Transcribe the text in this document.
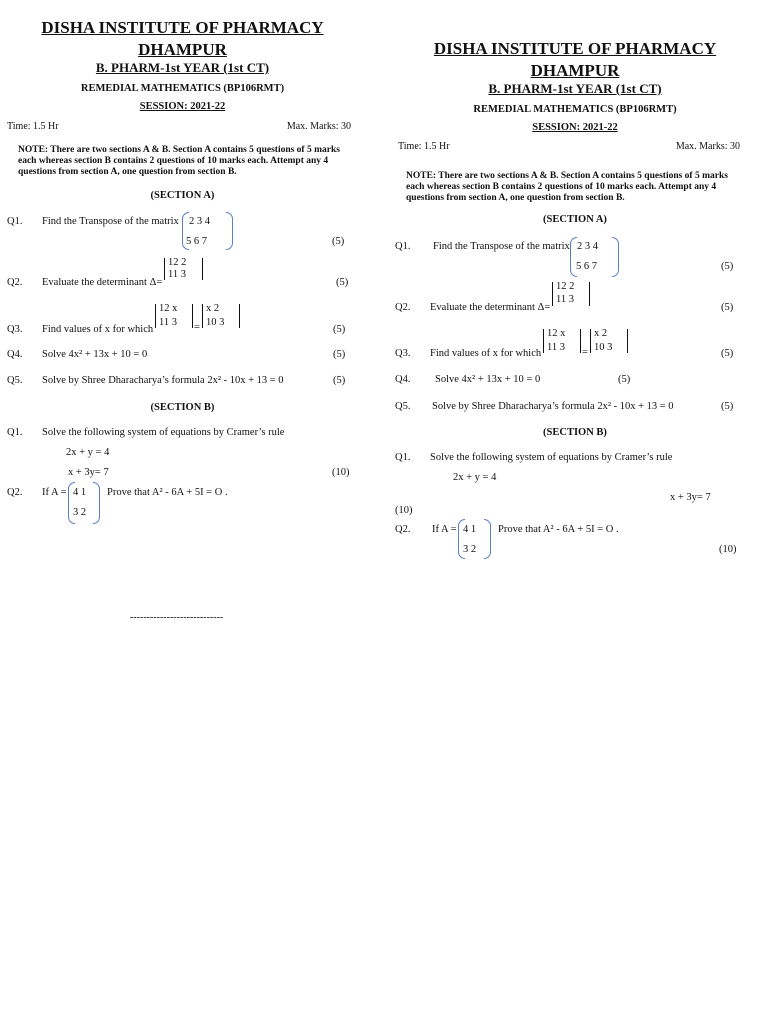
DISHA INSTITUTE OF PHARMACY
DHAMPUR
B. PHARM-1st YEAR (1st CT)
REMEDIAL MATHEMATICS (BP106RMT)
SESSION: 2021-22
Time: 1.5 Hr	Max. Marks: 30
NOTE: There are two sections A & B. Section A contains 5 questions of 5 marks each whereas section B contains 2 questions of 10 marks each. Attempt any 4 questions from section A, one question from section B.
(SECTION A)
Q1. Find the Transpose of the matrix 2 3 4
5 6 7	(5)
12 2
11 3
Q2. Evaluate the determinant Δ=	(5)
12 x
11 3 =
x 2
10 3
Q3. Find values of x for which	(5)
Q4. Solve 4x² + 13x + 10 = 0	(5)
Q5. Solve by Shree Dharacharya’s formula 2x² - 10x + 13 = 0	(5)
(SECTION B)
Q1. Solve the following system of equations by Cramer’s rule
2x + y = 4
x + 3y= 7	(10)
Q2. If A = 4 1
3 2
Prove that A² - 6A + 5I = O .
----------------------------
DISHA INSTITUTE OF PHARMACY
DHAMPUR
B. PHARM-1st YEAR (1st CT)
REMEDIAL MATHEMATICS (BP106RMT)
SESSION: 2021-22
Time: 1.5 Hr	Max. Marks: 30
NOTE: There are two sections A & B. Section A contains 5 questions of 5 marks each whereas section B contains 2 questions of 10 marks each. Attempt any 4 questions from section A, one question from section B.
(SECTION A)
Q1. Find the Transpose of the matrix 2 3 4
5 6 7	(5)
12 2
11 3
Q2. Evaluate the determinant Δ=	(5)
12 x
11 3 =
x 2
10 3
Q3. Find values of x for which	(5)
Q4. Solve 4x² + 13x + 10 = 0	(5)
Q5. Solve by Shree Dharacharya’s formula 2x² - 10x + 13 = 0	(5)
(SECTION B)
Q1. Solve the following system of equations by Cramer’s rule
2x + y = 4
x + 3y= 7
(10)
Q2. If A = 4 1
3 2
Prove that A² - 6A + 5I = O .
(10)
